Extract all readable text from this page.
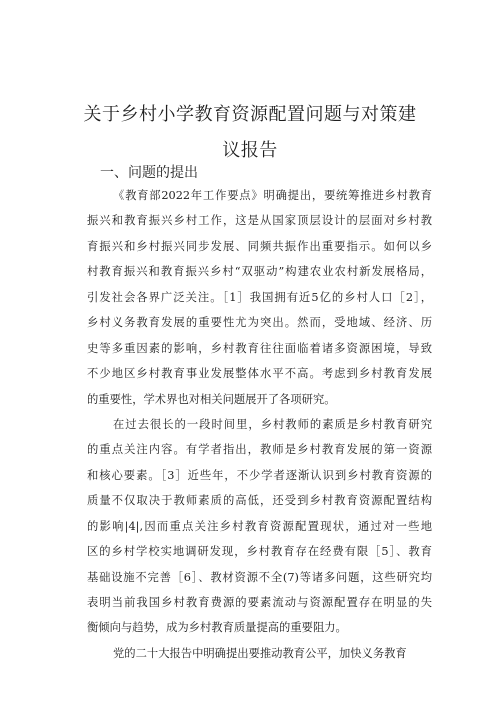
关于乡村小学教育资源配置问题与对策建
议报告
一、问题的提出
《教育部2022年工作要点》明确提出，要统筹推进乡村教育
振兴和教育振兴乡村工作，这是从国家顶层设计的层面对乡村教
育振兴和乡村振兴同步发展、同频共振作出重要指示。如何以乡
村教育振兴和教育振兴乡村“双驱动”构建农业农村新发展格局，
引发社会各界广泛关注。［1］我国拥有近5亿的乡村人口［2］，
乡村义务教育发展的重要性尤为突出。然而，受地域、经济、历
史等多重因素的影响，乡村教育往往面临着诸多资源困境，导致
不少地区乡村教育事业发展整体水平不高。考虑到乡村教育发展
的重要性，学术界也对相关问题展开了各项研究。
在过去很长的一段时间里，乡村教师的素质是乡村教育研究
的重点关注内容。有学者指出，教师是乡村教育发展的第一资源
和核心要素。［3］近些年，不少学者逐渐认识到乡村教育资源的
质量不仅取决于教师素质的高低，还受到乡村教育资源配置结构
的影响|4|,因而重点关注乡村教育资源配置现状，通过对一些地
区的乡村学校实地调研发现，乡村教育存在经费有限［5］、教育
基础设施不完善［6］、教材资源不全(7)等诸多问题，这些研究均
表明当前我国乡村教育费源的要素流动与资源配置存在明显的失
衡倾向与趋势，成为乡村教育质量提高的重要阻力。
党的二十大报告中明确提出要推动教育公平，加快义务教育
